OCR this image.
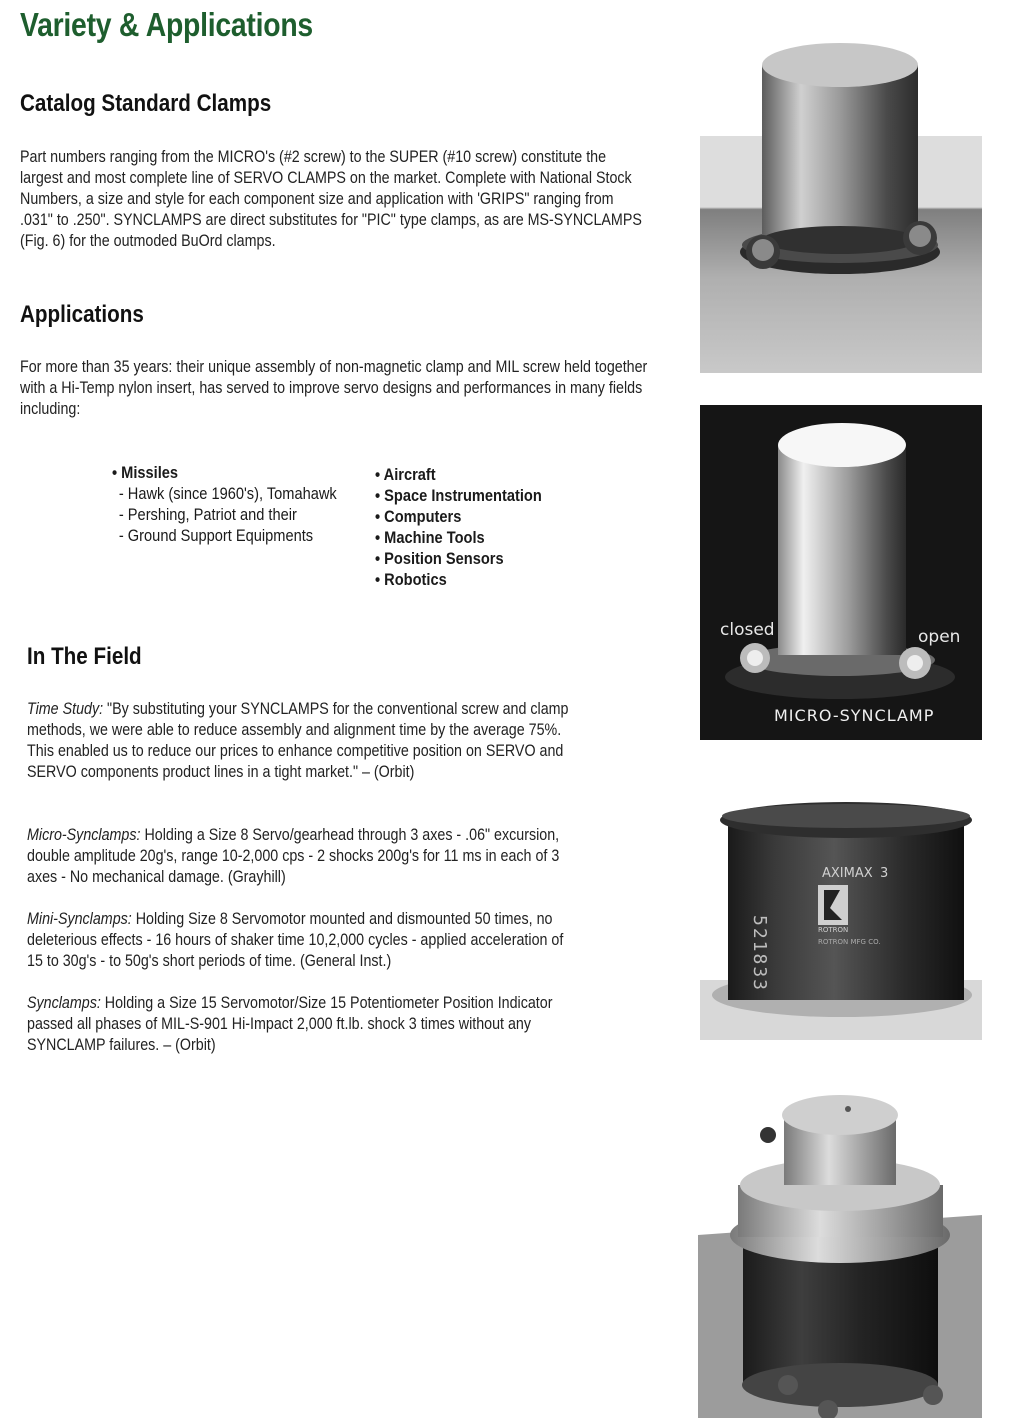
Variety & Applications
Catalog Standard Clamps

Part numbers ranging from the MICRO's (#2 screw) to the SUPER (#10 screw) constitute the largest and most complete line of SERVO CLAMPS on the market. Complete with National Stock Numbers, a size and style for each component size and application with 'GRIPS" ranging from .031" to .250". SYNCLAMPS are direct substitutes for "PIC" type clamps, as are MS-SYNCLAMPS (Fig. 6) for the outmoded BuOrd clamps.

Applications

For more than 35 years: their unique assembly of non-magnetic clamp and MIL screw held together with a Hi-Temp nylon insert, has served to improve servo designs and performances in many fields including:

• Missiles
- Hawk (since 1960's), Tomahawk
- Pershing, Patriot and their
- Ground Support Equipments
• Aircraft
• Space Instrumentation
• Computers
• Machine Tools
• Position Sensors
• Robotics
In The Field

Time Study: "By substituting your SYNCLAMPS for the conventional screw and clamp methods, we were able to reduce assembly and alignment time by the average 75%. This enabled us to reduce our prices to enhance competitive position on SERVO and SERVO components product lines in a tight market." – (Orbit)

Micro-Synclamps: Holding a Size 8 Servo/gearhead through 3 axes - .06" excursion, double amplitude 20g's, range 10-2,000 cps - 2 shocks 200g's for 11 ms in each of 3 axes - No mechanical damage. (Grayhill)

Mini-Synclamps: Holding Size 8 Servomotor mounted and dismounted 50 times, no deleterious effects - 16 hours of shaker time 10,2,000 cycles - applied acceleration of 15 to 30g's - to 50g's short periods of time. (General Inst.)

Synclamps: Holding a Size 15 Servomotor/Size 15 Potentiometer Position Indicator passed all phases of MIL-S-901 Hi-Impact 2,000 ft.lb. shock 3 times without any SYNCLAMP failures. – (Orbit)

closed	open
MICRO-SYNCLAMP
521833
AXIMAX 3
ROTRON
ROTRON MFG CO.
